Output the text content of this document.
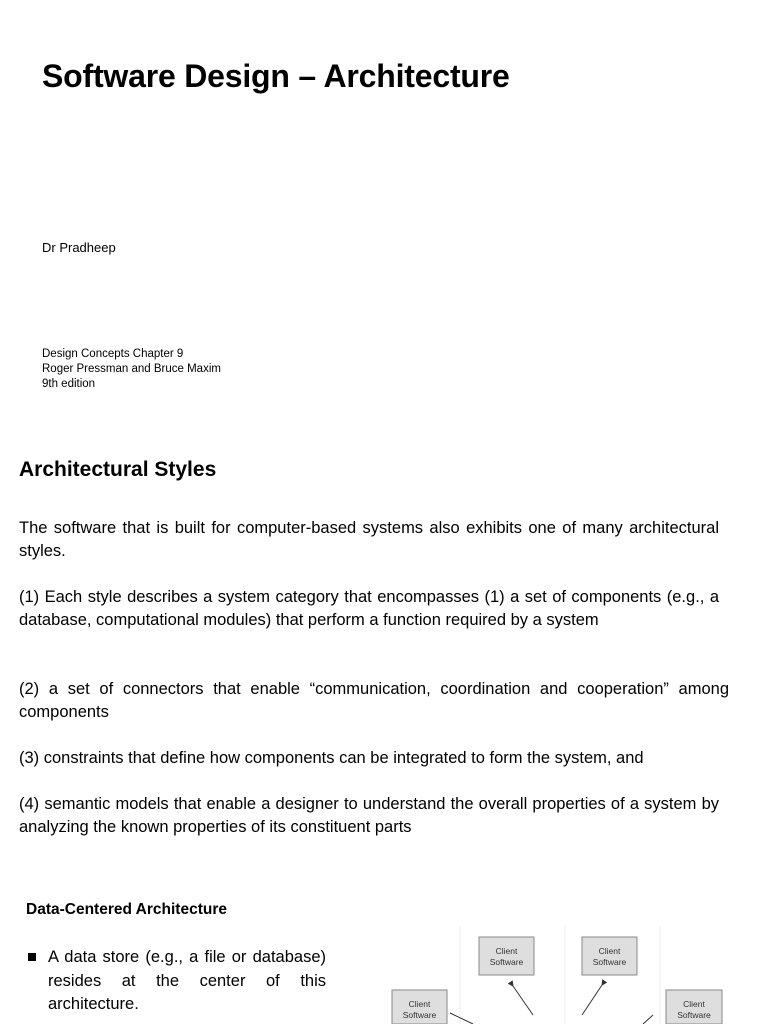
Software Design – Architecture
Dr Pradheep
Design Concepts Chapter 9
Roger Pressman and Bruce Maxim
9th edition
Architectural Styles
The software that is built for computer-based systems also exhibits one of many architectural styles.
(1) Each style describes a system category that encompasses (1) a set of components (e.g., a database, computational modules) that perform a function required by a system
(2) a set of connectors that enable “communication, coordination and cooperation” among components
(3) constraints that define how components can be integrated to form the system, and
(4) semantic models that enable a designer to understand the overall properties of a system by analyzing the known properties of its constituent parts
Data-Centered Architecture
A data store (e.g., a file or database) resides at the center of this architecture.
Client
Software
Client
Software
Client
Software
Client
Software
